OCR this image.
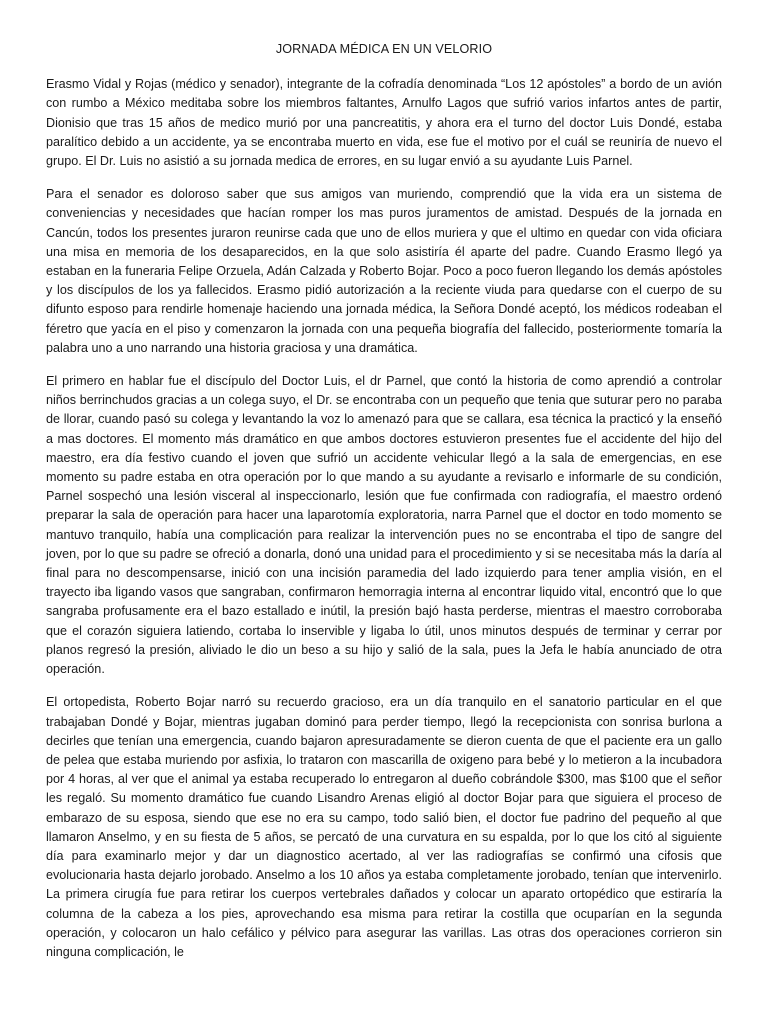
JORNADA MÉDICA EN UN VELORIO

Erasmo Vidal y Rojas (médico y senador), integrante de la cofradía denominada “Los 12 apóstoles” a bordo de un avión con rumbo a México meditaba sobre los miembros faltantes, Arnulfo Lagos que sufrió varios infartos antes de partir, Dionisio que tras 15 años de medico murió por una pancreatitis, y ahora era el turno del doctor Luis Dondé, estaba paralítico debido a un accidente, ya se encontraba muerto en vida, ese fue el motivo por el cuál se reuniría de nuevo el grupo. El Dr. Luis no asistió a su jornada medica de errores, en su lugar envió a su ayudante Luis Parnel.

Para el senador es doloroso saber que sus amigos van muriendo, comprendió que la vida era un sistema de conveniencias y necesidades que hacían romper los mas puros juramentos de amistad. Después de la jornada en Cancún, todos los presentes juraron reunirse cada que uno de ellos muriera y que el ultimo en quedar con vida oficiara una misa en memoria de los desaparecidos, en la que solo asistiría él aparte del padre. Cuando Erasmo llegó ya estaban en la funeraria Felipe Orzuela, Adán Calzada y Roberto Bojar. Poco a poco fueron llegando los demás apóstoles y los discípulos de los ya fallecidos. Erasmo pidió autorización a la reciente viuda para quedarse con el cuerpo de su difunto esposo para rendirle homenaje haciendo una jornada médica, la Señora Dondé aceptó, los médicos rodeaban el féretro que yacía en el piso y comenzaron la jornada con una pequeña biografía del fallecido, posteriormente tomaría la palabra uno a uno narrando una historia graciosa y una dramática.

El primero en hablar fue el discípulo del Doctor Luis, el dr Parnel, que contó la historia de como aprendió a controlar niños berrinchudos gracias a un colega suyo, el Dr. se encontraba con un pequeño que tenia que suturar pero no paraba de llorar, cuando pasó su colega y levantando la voz lo amenazó para que se callara, esa técnica la practicó y la enseñó a mas doctores. El momento más dramático en que ambos doctores estuvieron presentes fue el accidente del hijo del maestro, era día festivo cuando el joven que sufrió un accidente vehicular llegó a la sala de emergencias, en ese momento su padre estaba en otra operación por lo que mando a su ayudante a revisarlo e informarle de su condición, Parnel sospechó una lesión visceral al inspeccionarlo, lesión que fue confirmada con radiografía, el maestro ordenó preparar la sala de operación para hacer una laparotomía exploratoria, narra Parnel que el doctor en todo momento se mantuvo tranquilo, había una complicación para realizar la intervención pues no se encontraba el tipo de sangre del joven, por lo que su padre se ofreció a donarla, donó una unidad para el procedimiento y si se necesitaba más la daría al final para no descompensarse, inició con una incisión paramedia del lado izquierdo para tener amplia visión, en el trayecto iba ligando vasos que sangraban, confirmaron hemorragia interna al encontrar liquido vital, encontró que lo que sangraba profusamente era el bazo estallado e inútil, la presión bajó hasta perderse, mientras el maestro corroboraba que el corazón siguiera latiendo, cortaba lo inservible y ligaba lo útil, unos minutos después de terminar y cerrar por planos regresó la presión, aliviado le dio un beso a su hijo y salió de la sala, pues la Jefa le había anunciado de otra operación.

El ortopedista, Roberto Bojar narró su recuerdo gracioso, era un día tranquilo en el sanatorio particular en el que trabajaban Dondé y Bojar, mientras jugaban dominó para perder tiempo, llegó la recepcionista con sonrisa burlona a decirles que tenían una emergencia, cuando bajaron apresuradamente se dieron cuenta de que el paciente era un gallo de pelea que estaba muriendo por asfixia, lo trataron con mascarilla de oxigeno para bebé y lo metieron a la incubadora por 4 horas, al ver que el animal ya estaba recuperado lo entregaron al dueño cobrándole $300, mas $100 que el señor les regaló. Su momento dramático fue cuando Lisandro Arenas eligió al doctor Bojar para que siguiera el proceso de embarazo de su esposa, siendo que ese no era su campo, todo salió bien, el doctor fue padrino del pequeño al que llamaron Anselmo, y en su fiesta de 5 años, se percató de una curvatura en su espalda, por lo que los citó al siguiente día para examinarlo mejor y dar un diagnostico acertado, al ver las radiografías se confirmó una cifosis que evolucionaria hasta dejarlo jorobado. Anselmo a los 10 años ya estaba completamente jorobado, tenían que intervenirlo. La primera cirugía fue para retirar los cuerpos vertebrales dañados y colocar un aparato ortopédico que estiraría la columna de la cabeza a los pies, aprovechando esa misma para retirar la costilla que ocuparían en la segunda operación, y colocaron un halo cefálico y pélvico para asegurar las varillas. Las otras dos operaciones corrieron sin ninguna complicación, le
